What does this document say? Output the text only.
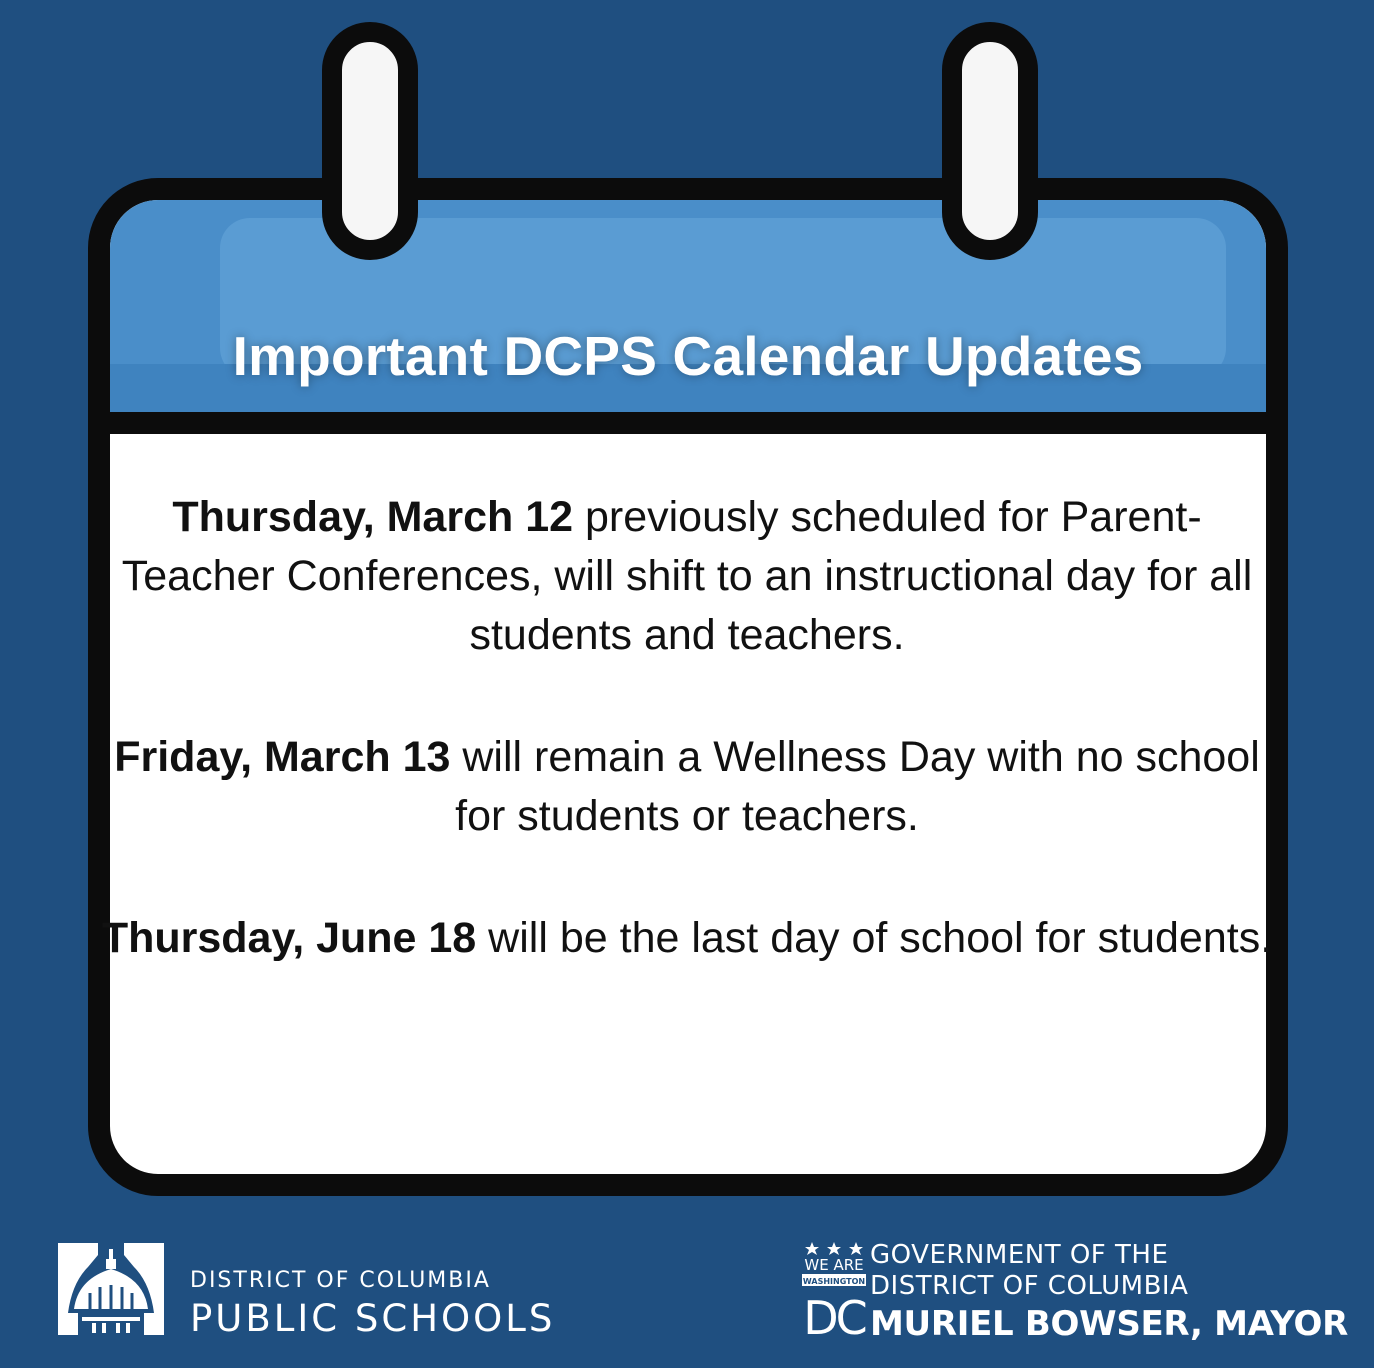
Important DCPS Calendar Updates

Thursday, March 12 previously scheduled for Parent-Teacher Conferences, will shift to an instructional day for all students and teachers.

Friday, March 13 will remain a Wellness Day with no school for students or teachers.

Thursday, June 18 will be the last day of school for students.

DISTRICT OF COLUMBIA
PUBLIC SCHOOLS
WE ARE
WASHINGTON
DC
GOVERNMENT OF THE
DISTRICT OF COLUMBIA
MURIEL BOWSER, MAYOR
